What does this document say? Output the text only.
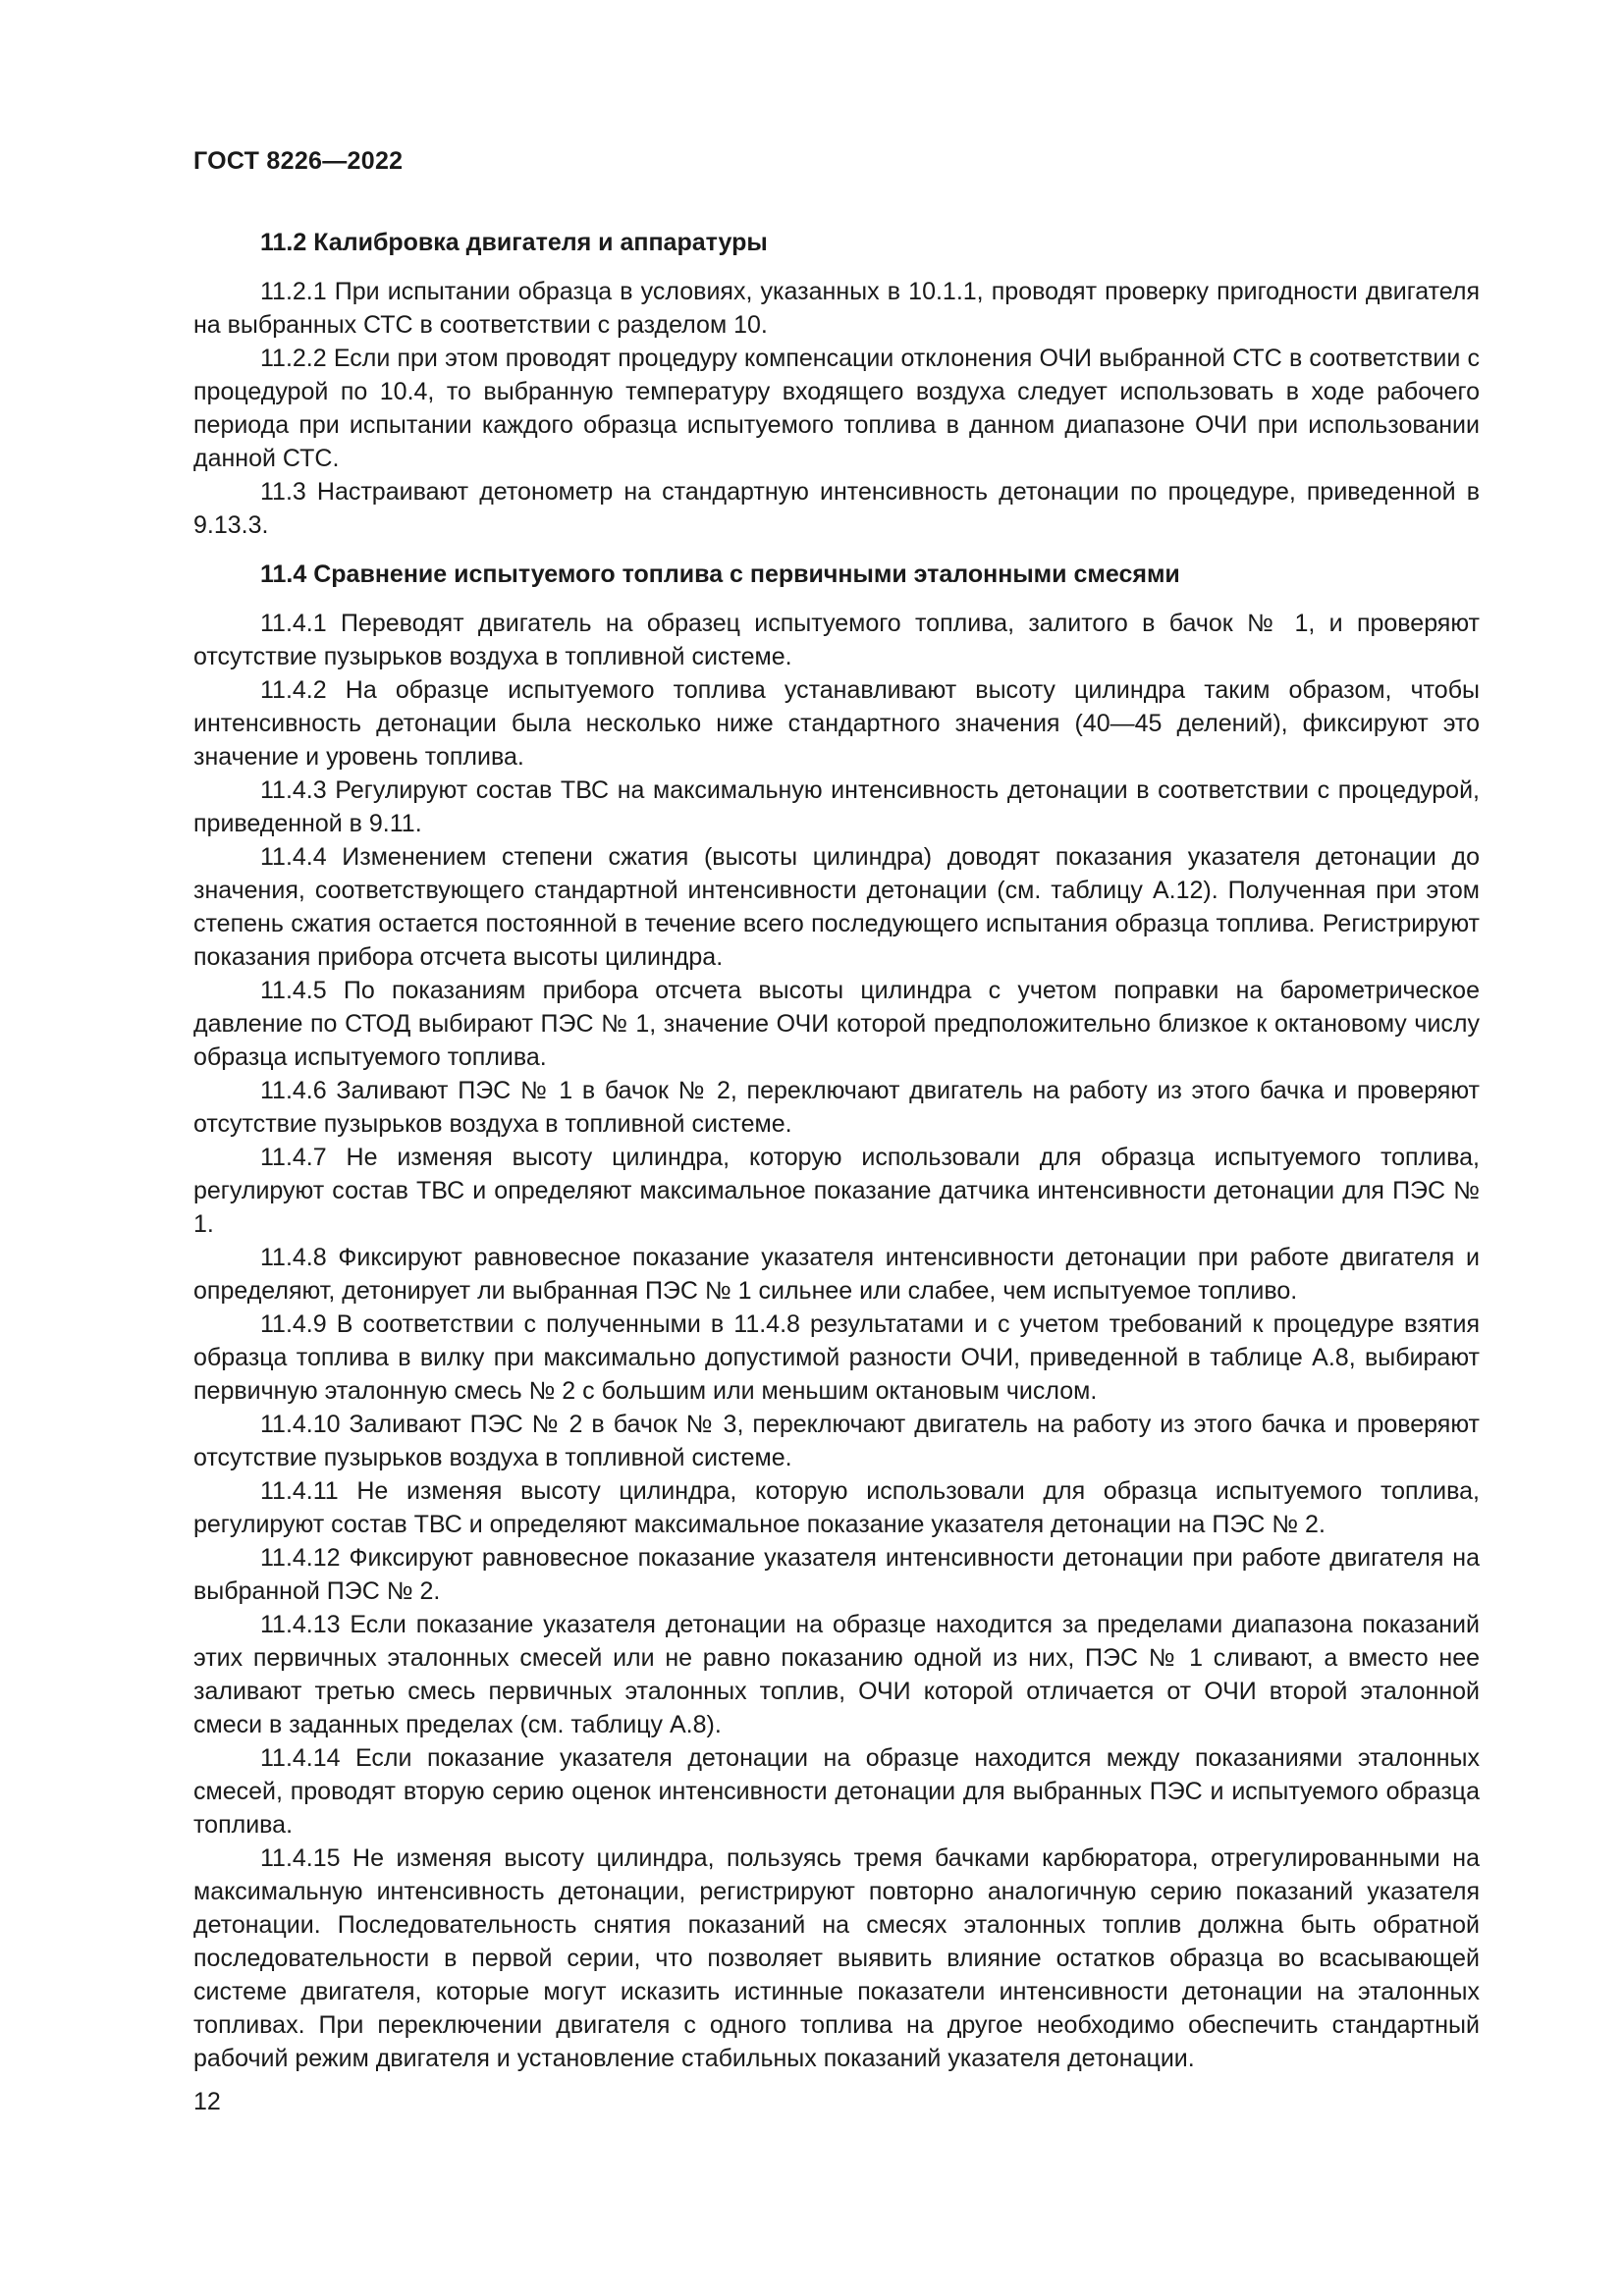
ГОСТ 8226—2022

11.2 Калибровка двигателя и аппаратуры

11.2.1 При испытании образца в условиях, указанных в 10.1.1, проводят проверку пригодности двигателя на выбранных СТС в соответствии с разделом 10.

11.2.2 Если при этом проводят процедуру компенсации отклонения ОЧИ выбранной СТС в соответствии с процедурой по 10.4, то выбранную температуру входящего воздуха следует использовать в ходе рабочего периода при испытании каждого образца испытуемого топлива в данном диапазоне ОЧИ при использовании данной СТС.

11.3 Настраивают детонометр на стандартную интенсивность детонации по процедуре, приведенной в 9.13.3.

11.4 Сравнение испытуемого топлива с первичными эталонными смесями

11.4.1 Переводят двигатель на образец испытуемого топлива, залитого в бачок № 1, и проверяют отсутствие пузырьков воздуха в топливной системе.

11.4.2 На образце испытуемого топлива устанавливают высоту цилиндра таким образом, чтобы интенсивность детонации была несколько ниже стандартного значения (40—45 делений), фиксируют это значение и уровень топлива.

11.4.3 Регулируют состав ТВС на максимальную интенсивность детонации в соответствии с процедурой, приведенной в 9.11.

11.4.4 Изменением степени сжатия (высоты цилиндра) доводят показания указателя детонации до значения, соответствующего стандартной интенсивности детонации (см. таблицу А.12). Полученная при этом степень сжатия остается постоянной в течение всего последующего испытания образца топлива. Регистрируют показания прибора отсчета высоты цилиндра.

11.4.5 По показаниям прибора отсчета высоты цилиндра с учетом поправки на барометрическое давление по СТОД выбирают ПЭС № 1, значение ОЧИ которой предположительно близкое к октановому числу образца испытуемого топлива.

11.4.6 Заливают ПЭС № 1 в бачок № 2, переключают двигатель на работу из этого бачка и проверяют отсутствие пузырьков воздуха в топливной системе.

11.4.7 Не изменяя высоту цилиндра, которую использовали для образца испытуемого топлива, регулируют состав ТВС и определяют максимальное показание датчика интенсивности детонации для ПЭС № 1.

11.4.8 Фиксируют равновесное показание указателя интенсивности детонации при работе двигателя и определяют, детонирует ли выбранная ПЭС № 1 сильнее или слабее, чем испытуемое топливо.

11.4.9 В соответствии с полученными в 11.4.8 результатами и с учетом требований к процедуре взятия образца топлива в вилку при максимально допустимой разности ОЧИ, приведенной в таблице А.8, выбирают первичную эталонную смесь № 2 с большим или меньшим октановым числом.

11.4.10 Заливают ПЭС № 2 в бачок № 3, переключают двигатель на работу из этого бачка и проверяют отсутствие пузырьков воздуха в топливной системе.

11.4.11 Не изменяя высоту цилиндра, которую использовали для образца испытуемого топлива, регулируют состав ТВС и определяют максимальное показание указателя детонации на ПЭС № 2.

11.4.12 Фиксируют равновесное показание указателя интенсивности детонации при работе двигателя на выбранной ПЭС № 2.

11.4.13 Если показание указателя детонации на образце находится за пределами диапазона показаний этих первичных эталонных смесей или не равно показанию одной из них, ПЭС № 1 сливают, а вместо нее заливают третью смесь первичных эталонных топлив, ОЧИ которой отличается от ОЧИ второй эталонной смеси в заданных пределах (см. таблицу А.8).

11.4.14 Если показание указателя детонации на образце находится между показаниями эталонных смесей, проводят вторую серию оценок интенсивности детонации для выбранных ПЭС и испытуемого образца топлива.

11.4.15 Не изменяя высоту цилиндра, пользуясь тремя бачками карбюратора, отрегулированными на максимальную интенсивность детонации, регистрируют повторно аналогичную серию показаний указателя детонации. Последовательность снятия показаний на смесях эталонных топлив должна быть обратной последовательности в первой серии, что позволяет выявить влияние остатков образца во всасывающей системе двигателя, которые могут исказить истинные показатели интенсивности детонации на эталонных топливах. При переключении двигателя с одного топлива на другое необходимо обеспечить стандартный рабочий режим двигателя и установление стабильных показаний указателя детонации.

12
